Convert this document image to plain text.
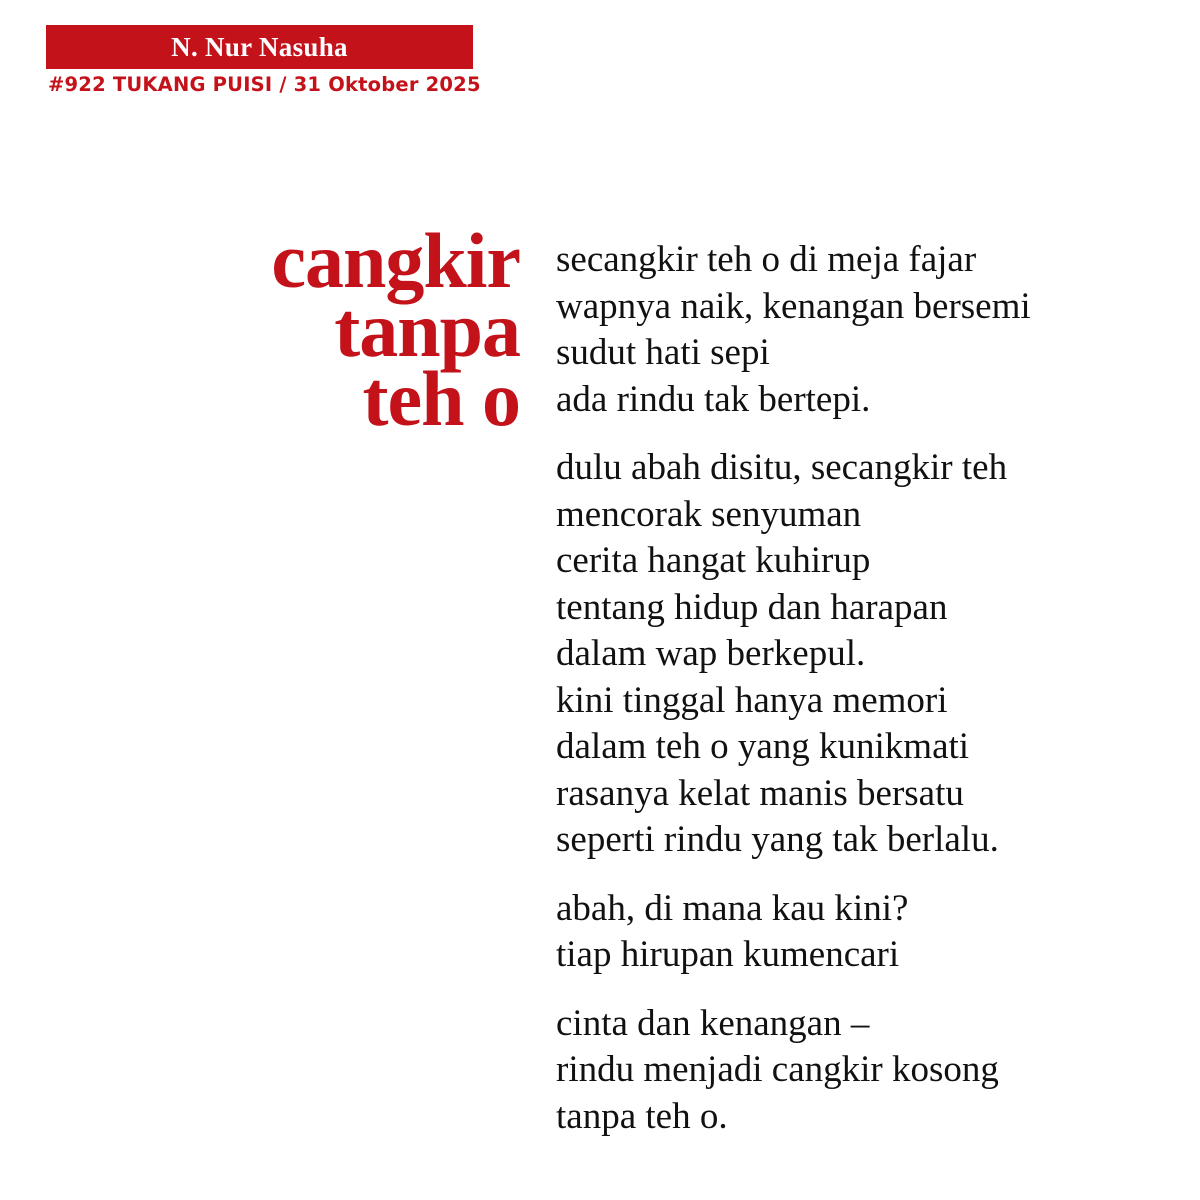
N. Nur Nasuha
#922 TUKANG PUISI / 31 Oktober 2025
cangkir
tanpa
teh o
secangkir teh o di meja fajar
wapnya naik, kenangan bersemi
sudut hati sepi
ada rindu tak bertepi.
dulu abah disitu, secangkir teh
mencorak senyuman
cerita hangat kuhirup
tentang hidup dan harapan
dalam wap berkepul.
kini tinggal hanya memori
dalam teh o yang kunikmati
rasanya kelat manis bersatu
seperti rindu yang tak berlalu.
abah, di mana kau kini?
tiap hirupan kumencari
cinta dan kenangan –
rindu menjadi cangkir kosong
tanpa teh o.
